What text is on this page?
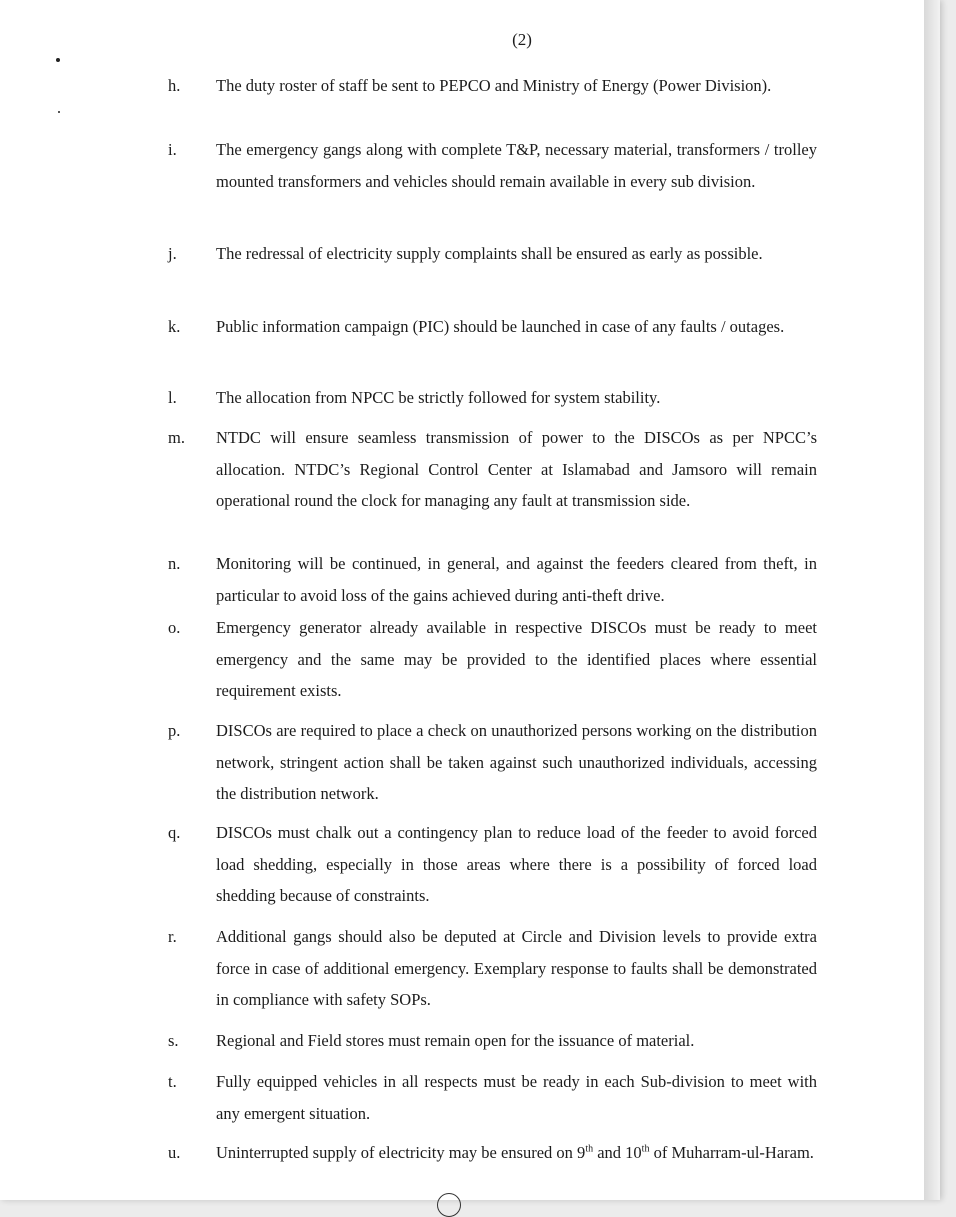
(2)
h. The duty roster of staff be sent to PEPCO and Ministry of Energy (Power Division).
i. The emergency gangs along with complete T&P, necessary material, transformers / trolley mounted transformers and vehicles should remain available in every sub division.
j. The redressal of electricity supply complaints shall be ensured as early as possible.
k. Public information campaign (PIC) should be launched in case of any faults / outages.
l. The allocation from NPCC be strictly followed for system stability.
m. NTDC will ensure seamless transmission of power to the DISCOs as per NPCC’s allocation. NTDC’s Regional Control Center at Islamabad and Jamsoro will remain operational round the clock for managing any fault at transmission side.
n. Monitoring will be continued, in general, and against the feeders cleared from theft, in particular to avoid loss of the gains achieved during anti-theft drive.
o. Emergency generator already available in respective DISCOs must be ready to meet emergency and the same may be provided to the identified places where essential requirement exists.
p. DISCOs are required to place a check on unauthorized persons working on the distribution network, stringent action shall be taken against such unauthorized individuals, accessing the distribution network.
q. DISCOs must chalk out a contingency plan to reduce load of the feeder to avoid forced load shedding, especially in those areas where there is a possibility of forced load shedding because of constraints.
r. Additional gangs should also be deputed at Circle and Division levels to provide extra force in case of additional emergency. Exemplary response to faults shall be demonstrated in compliance with safety SOPs.
s. Regional and Field stores must remain open for the issuance of material.
t. Fully equipped vehicles in all respects must be ready in each Sub-division to meet with any emergent situation.
u. Uninterrupted supply of electricity may be ensured on 9th and 10th of Muharram-ul-Haram.
